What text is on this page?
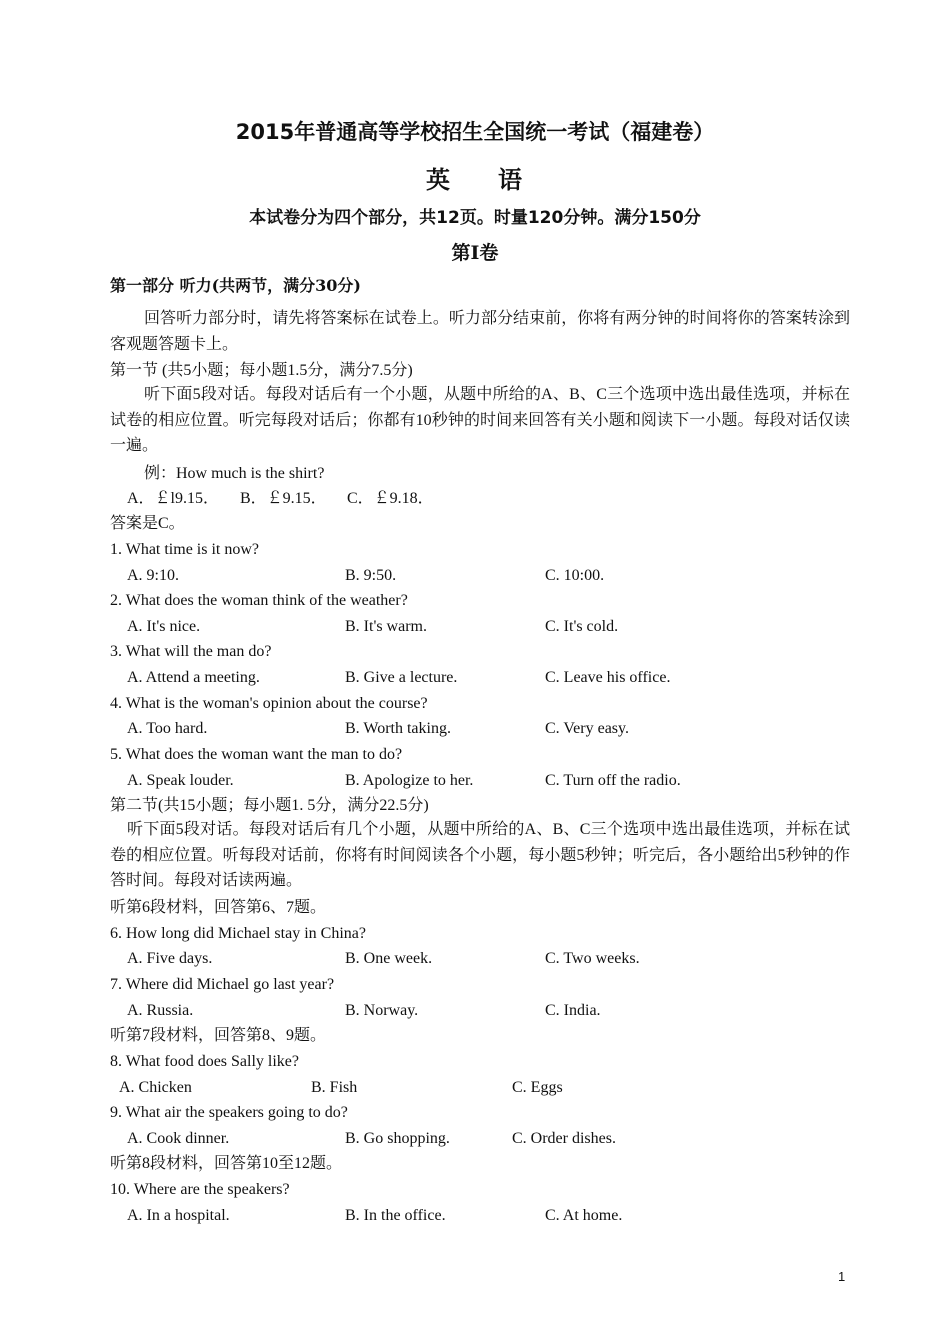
2015年普通高等学校招生全国统一考试（福建卷）
英 语
本试卷分为四个部分，共12页。时量120分钟。满分150分
第Ⅰ卷
第一部分 听力(共两节，满分30分)
回答听力部分时，请先将答案标在试卷上。听力部分结束前，你将有两分钟的时间将你的答案转涂到客观题答题卡上。
第一节 (共5小题；每小题1.5分，满分7.5分)
听下面5段对话。每段对话后有一个小题，从题中所给的A、B、C三个选项中选出最佳选项，并标在试卷的相应位置。听完每段对话后；你都有10秒钟的时间来回答有关小题和阅读下一小题。每段对话仅读一遍。
例：How much is the shirt?
A．￡l9.15． B．￡9.15． C．￡9.18．
答案是C。
1. What time is it now?
A. 9:10.	B. 9:50.	C. 10:00.
2. What does the woman think of the weather?
A. It's nice.	B. It's warm.	C. It's cold.
3. What will the man do?
A. Attend a meeting.	B. Give a lecture.	C. Leave his office.
4. What is the woman's opinion about the course?
A. Too hard.	B. Worth taking.	C. Very easy.
5. What does the woman want the man to do?
A. Speak louder.	B. Apologize to her.	C. Turn off the radio.
第二节(共15小题；每小题1. 5分，满分22.5分)
听下面5段对话。每段对话后有几个小题，从题中所给的A、B、C三个选项中选出最佳选项，并标在试卷的相应位置。听每段对话前，你将有时间阅读各个小题，每小题5秒钟；听完后，各小题给出5秒钟的作答时间。每段对话读两遍。
听第6段材料，回答第6、7题。
6. How long did Michael stay in China?
A. Five days.	B. One week.	C. Two weeks.
7. Where did Michael go last year?
A. Russia.	B. Norway.	C. India.
听第7段材料，回答第8、9题。
8. What food does Sally like?
A. Chicken	B. Fish	C. Eggs
9. What air the speakers going to do?
A. Cook dinner.	B. Go shopping.	C. Order dishes.
听第8段材料，回答第10至12题。
10. Where are the speakers?
A. In a hospital.	B. In the office.	C. At home.
1
